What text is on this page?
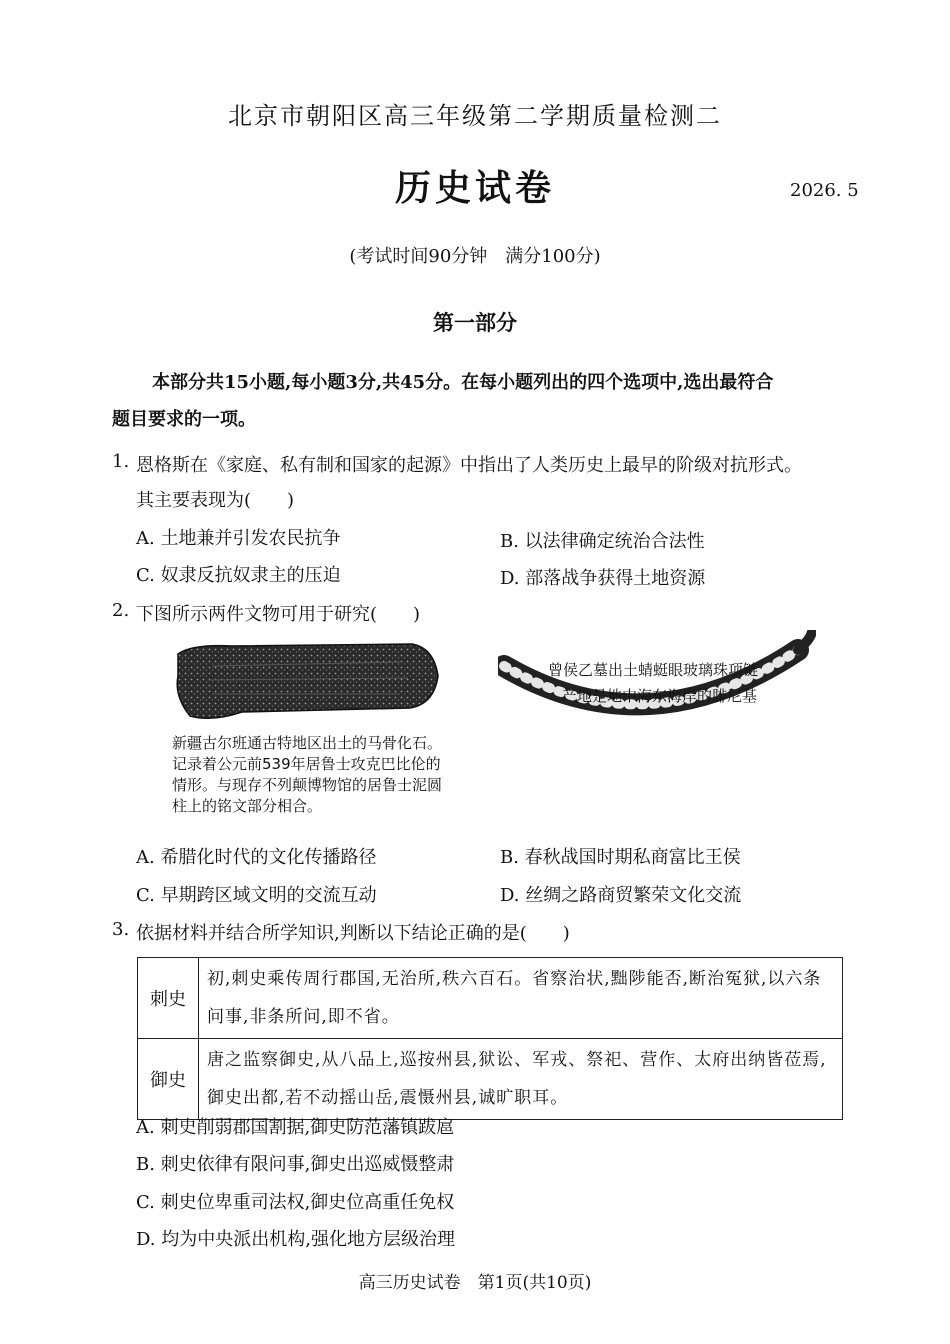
北京市朝阳区高三年级第二学期质量检测二
历史试卷	2026. 5
(考试时间90分钟　满分100分)
第一部分
本部分共15小题,每小题3分,共45分。在每小题列出的四个选项中,选出最符合
题目要求的一项。
1. 恩格斯在《家庭、私有制和国家的起源》中指出了人类历史上最早的阶级对抗形式。
其主要表现为(　　)
A. 土地兼并引发农民抗争	B. 以法律确定统治合法性
C. 奴隶反抗奴隶主的压迫	D. 部落战争获得土地资源
2. 下图所示两件文物可用于研究(　　)
新疆古尔班通古特地区出土的马骨化石。记录着公元前539年居鲁士攻克巴比伦的情形。与现存不列颠博物馆的居鲁士泥圆柱上的铭文部分相合。
曾侯乙墓出土蜻蜓眼玻璃珠项链
产地是地中海东海岸的腓尼基
A. 希腊化时代的文化传播路径	B. 春秋战国时期私商富比王侯
C. 早期跨区域文明的交流互动	D. 丝绸之路商贸繁荣文化交流
3. 依据材料并结合所学知识,判断以下结论正确的是(　　)
刺史	初,刺史乘传周行郡国,无治所,秩六百石。省察治状,黜陟能否,断治冤狱,以六条问事,非条所问,即不省。
御史	唐之监察御史,从八品上,巡按州县,狱讼、军戎、祭祀、营作、太府出纳皆莅焉,御史出都,若不动摇山岳,震慑州县,诚旷职耳。
A. 刺史削弱郡国割据,御史防范藩镇跋扈
B. 刺史依律有限问事,御史出巡威慑整肃
C. 刺史位卑重司法权,御史位高重任免权
D. 均为中央派出机构,强化地方层级治理
高三历史试卷　第1页(共10页)
